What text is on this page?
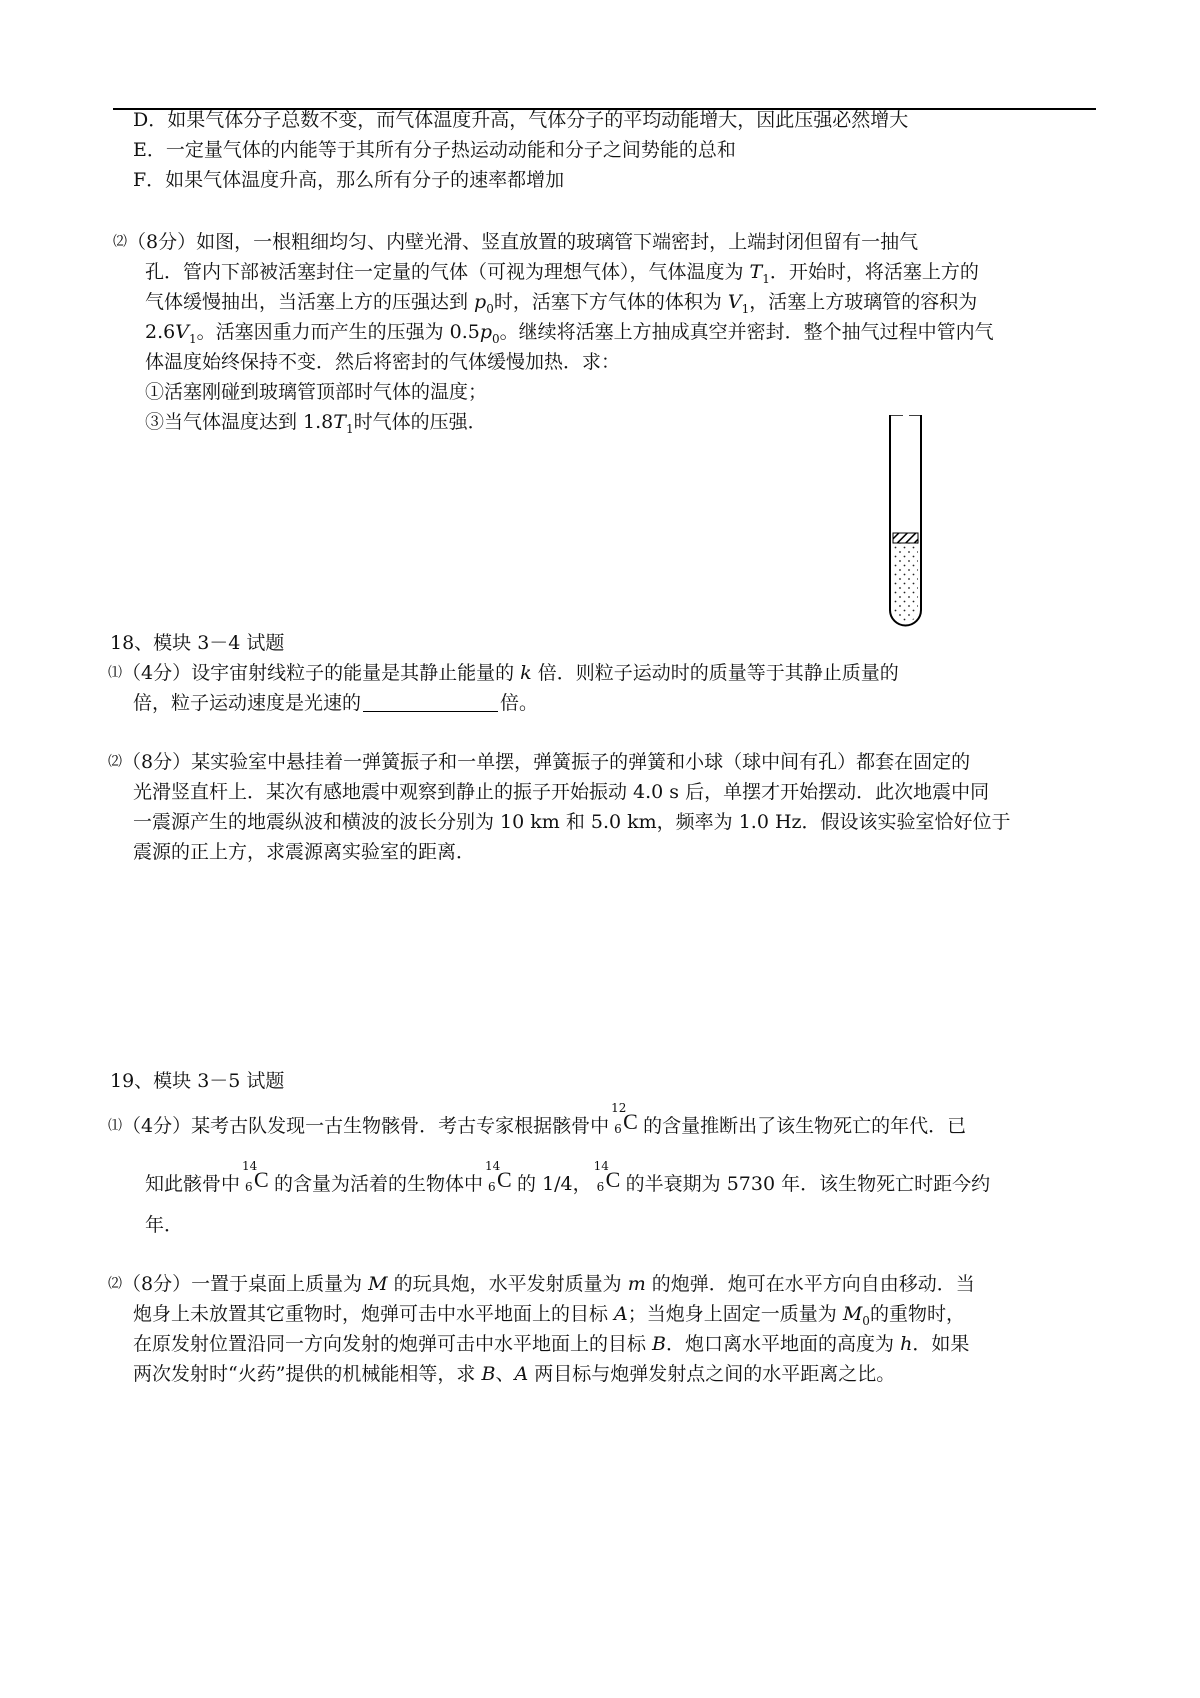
D．如果气体分子总数不变，而气体温度升高，气体分子的平均动能增大，因此压强必然增大
E．一定量气体的内能等于其所有分子热运动动能和分子之间势能的总和
F．如果气体温度升高，那么所有分子的速率都增加
⑵（8分）如图，一根粗细均匀、内壁光滑、竖直放置的玻璃管下端密封，上端封闭但留有一抽气
孔．管内下部被活塞封住一定量的气体（可视为理想气体），气体温度为 $T_1$．开始时，将活塞上方的
气体缓慢抽出，当活塞上方的压强达到 $p_0$时，活塞下方气体的体积为 $V_1$，活塞上方玻璃管的容积为
$2.6V_1$。活塞因重力而产生的压强为 $0.5p_0$。继续将活塞上方抽成真空并密封．整个抽气过程中管内气
体温度始终保持不变．然后将密封的气体缓慢加热．求：
①活塞刚碰到玻璃管顶部时气体的温度；
③当气体温度达到 $1.8T_1$时气体的压强．
18、模块 3－4 试题
⑴（4分）设宇宙射线粒子的能量是其静止能量的 k 倍．则粒子运动时的质量等于其静止质量的
倍，粒子运动速度是光速的	倍。
⑵（8分）某实验室中悬挂着一弹簧振子和一单摆，弹簧振子的弹簧和小球（球中间有孔）都套在固定的
光滑竖直杆上．某次有感地震中观察到静止的振子开始振动 4.0 s 后，单摆才开始摆动．此次地震中同
一震源产生的地震纵波和横波的波长分别为 10 km 和 5.0 km，频率为 1.0 Hz．假设该实验室恰好位于
震源的正上方，求震源离实验室的距离．
19、模块 3－5 试题
⑴（4分）某考古队发现一古生物骸骨．考古专家根据骸骨中
12
6 C 的含量推断出了该生物死亡的年代．已
知此骸骨中
14
6 C 的含量为活着的生物体中
14
6 C 的 1/4，
14
6 C 的半衰期为 5730 年．该生物死亡时距今约
年．
⑵（8分）一置于桌面上质量为 M 的玩具炮，水平发射质量为 m 的炮弹．炮可在水平方向自由移动．当
炮身上未放置其它重物时，炮弹可击中水平地面上的目标 A；当炮身上固定一质量为 $M_0$的重物时，
在原发射位置沿同一方向发射的炮弹可击中水平地面上的目标 B．炮口离水平地面的高度为 h．如果
两次发射时“火药”提供的机械能相等，求 B、A 两目标与炮弹发射点之间的水平距离之比。
